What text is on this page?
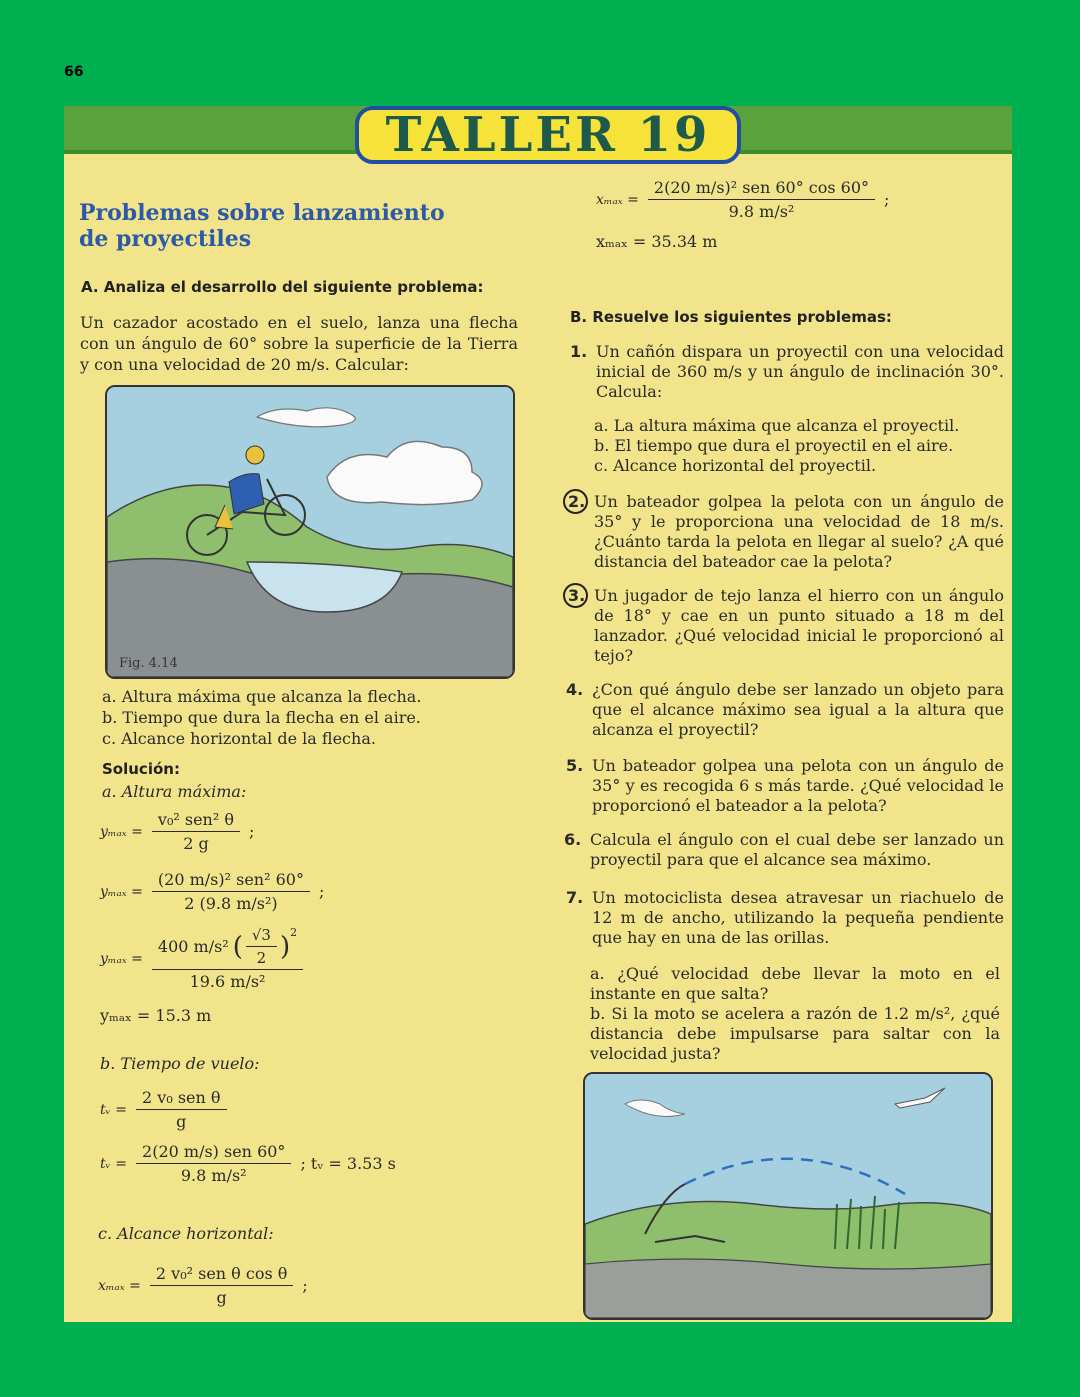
66
TALLER 19
Problemas sobre lanzamiento
de proyectiles
A. Analiza el desarrollo del siguiente problema:
Un cazador acostado en el suelo, lanza una flecha con un ángulo de 60° sobre la superficie de la Tierra y con una velocidad de 20 m/s. Calcular:
Fig. 4.14
a. Altura máxima que alcanza la flecha.
b. Tiempo que dura la flecha en el aire.
c. Alcance horizontal de la flecha.
Solución:
a. Altura máxima:
$y_{max} = \frac{\text{v₀² sen² θ}}{2 g}$ ;
$y_{max} = \frac{\text{(20 m/s)² sen² 60°}}{\text{2 (9.8 m/s²)}}$ ;
$y_{max} = \frac{400 m/s^2 ( \frac{√3}{2} )^2}{\text{19.6 m/s²}}$
yₘₐₓ = 15.3 m
b. Tiempo de vuelo:
tᵥ = $\frac{\text{2 v₀ sen θ}}{g}$
tᵥ = $\frac{\text{2(20 m/s) sen 60°}}{\text{9.8 m/s²}}$ ; tᵥ = 3.53 s
c. Alcance horizontal:
$x_{max} = \frac{\text{2 v₀² sen θ cos θ}}{g}$ ;
$x_{max} = \frac{\text{2(20 m/s)² sen 60° cos 60°}}{\text{9.8 m/s²}}$ ;
xₘₐₓ = 35.34 m
B. Resuelve los siguientes problemas:
1. Un cañón dispara un proyectil con una velocidad inicial de 360 m/s y un ángulo de inclinación 30°. Calcula:
a. La altura máxima que alcanza el proyectil.
b. El tiempo que dura el proyectil en el aire.
c. Alcance horizontal del proyectil.
2. Un bateador golpea la pelota con un ángulo de 35° y le proporciona una velocidad de 18 m/s. ¿Cuánto tarda la pelota en llegar al suelo? ¿A qué distancia del bateador cae la pelota?
3. Un jugador de tejo lanza el hierro con un ángulo de 18° y cae en un punto situado a 18 m del lanzador. ¿Qué velocidad inicial le proporcionó al tejo?
4. ¿Con qué ángulo debe ser lanzado un objeto para que el alcance máximo sea igual a la altura que alcanza el proyectil?
5. Un bateador golpea una pelota con un ángulo de 35° y es recogida 6 s más tarde. ¿Qué velocidad le proporcionó el bateador a la pelota?
6. Calcula el ángulo con el cual debe ser lanzado un proyectil para que el alcance sea máximo.
7. Un motociclista desea atravesar un riachuelo de 12 m de ancho, utilizando la pequeña pendiente que hay en una de las orillas.
a. ¿Qué velocidad debe llevar la moto en el instante en que salta?
b. Si la moto se acelera a razón de 1.2 m/s², ¿qué distancia debe impulsarse para saltar con la velocidad justa?
